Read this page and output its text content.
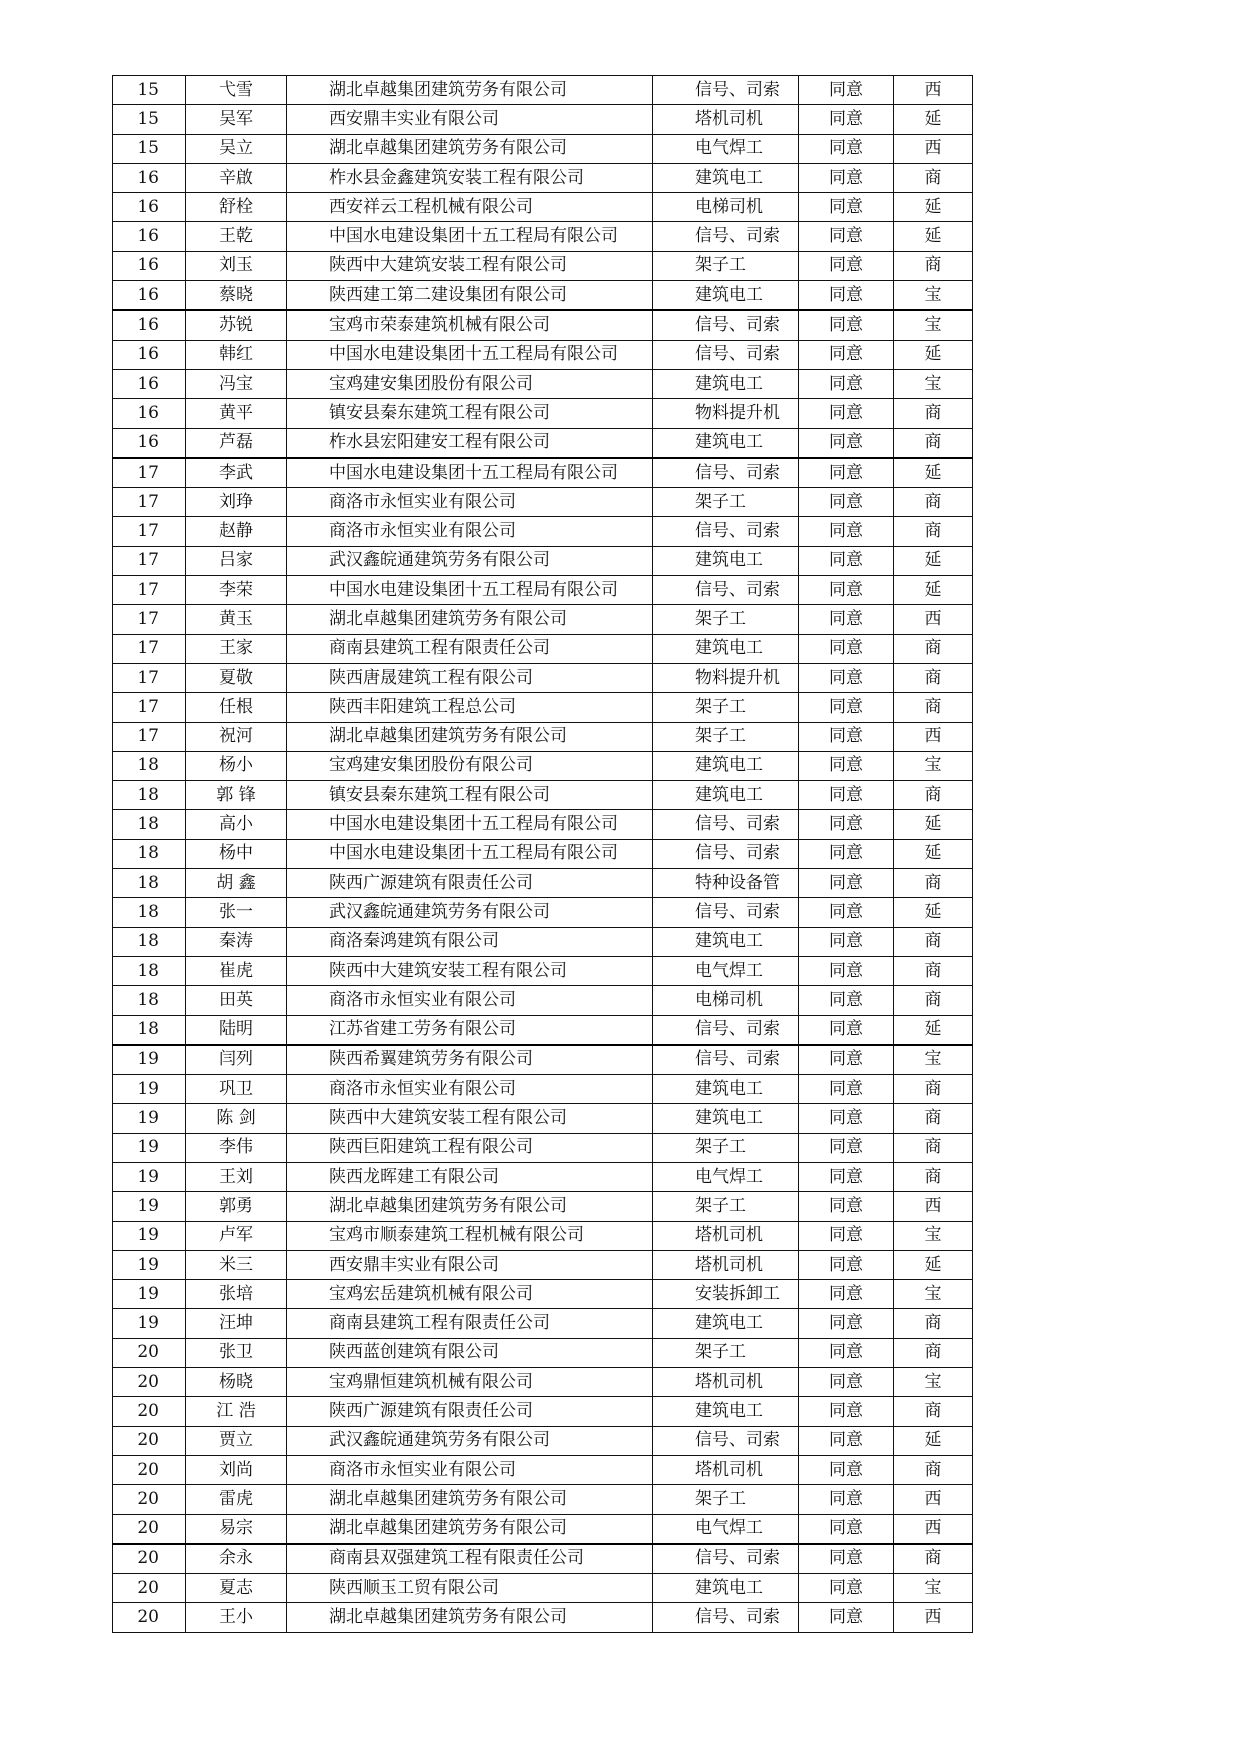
15	弋雪	湖北卓越集团建筑劳务有限公司	信号、司索	同意	西
15	吴军	西安鼎丰实业有限公司	塔机司机	同意	延
15	吴立	湖北卓越集团建筑劳务有限公司	电气焊工	同意	西
16	辛啟	柞水县金鑫建筑安装工程有限公司	建筑电工	同意	商
16	舒栓	西安祥云工程机械有限公司	电梯司机	同意	延
16	王乾	中国水电建设集团十五工程局有限公司	信号、司索	同意	延
16	刘玉	陕西中大建筑安装工程有限公司	架子工	同意	商
16	蔡晓	陕西建工第二建设集团有限公司	建筑电工	同意	宝
16	苏锐	宝鸡市荣泰建筑机械有限公司	信号、司索	同意	宝
16	韩红	中国水电建设集团十五工程局有限公司	信号、司索	同意	延
16	冯宝	宝鸡建安集团股份有限公司	建筑电工	同意	宝
16	黄平	镇安县秦东建筑工程有限公司	物料提升机	同意	商
16	芦磊	柞水县宏阳建安工程有限公司	建筑电工	同意	商
17	李武	中国水电建设集团十五工程局有限公司	信号、司索	同意	延
17	刘琤	商洛市永恒实业有限公司	架子工	同意	商
17	赵静	商洛市永恒实业有限公司	信号、司索	同意	商
17	吕家	武汉鑫皖通建筑劳务有限公司	建筑电工	同意	延
17	李荣	中国水电建设集团十五工程局有限公司	信号、司索	同意	延
17	黄玉	湖北卓越集团建筑劳务有限公司	架子工	同意	西
17	王家	商南县建筑工程有限责任公司	建筑电工	同意	商
17	夏敬	陕西唐晟建筑工程有限公司	物料提升机	同意	商
17	任根	陕西丰阳建筑工程总公司	架子工	同意	商
17	祝河	湖北卓越集团建筑劳务有限公司	架子工	同意	西
18	杨小	宝鸡建安集团股份有限公司	建筑电工	同意	宝
18	郭 锋	镇安县秦东建筑工程有限公司	建筑电工	同意	商
18	高小	中国水电建设集团十五工程局有限公司	信号、司索	同意	延
18	杨中	中国水电建设集团十五工程局有限公司	信号、司索	同意	延
18	胡 鑫	陕西广源建筑有限责任公司	特种设备管	同意	商
18	张一	武汉鑫皖通建筑劳务有限公司	信号、司索	同意	延
18	秦涛	商洛秦鸿建筑有限公司	建筑电工	同意	商
18	崔虎	陕西中大建筑安装工程有限公司	电气焊工	同意	商
18	田英	商洛市永恒实业有限公司	电梯司机	同意	商
18	陆明	江苏省建工劳务有限公司	信号、司索	同意	延
19	闫列	陕西希翼建筑劳务有限公司	信号、司索	同意	宝
19	巩卫	商洛市永恒实业有限公司	建筑电工	同意	商
19	陈 剑	陕西中大建筑安装工程有限公司	建筑电工	同意	商
19	李伟	陕西巨阳建筑工程有限公司	架子工	同意	商
19	王刘	陕西龙晖建工有限公司	电气焊工	同意	商
19	郭勇	湖北卓越集团建筑劳务有限公司	架子工	同意	西
19	卢军	宝鸡市顺泰建筑工程机械有限公司	塔机司机	同意	宝
19	米三	西安鼎丰实业有限公司	塔机司机	同意	延
19	张培	宝鸡宏岳建筑机械有限公司	安装拆卸工	同意	宝
19	汪坤	商南县建筑工程有限责任公司	建筑电工	同意	商
20	张卫	陕西蓝创建筑有限公司	架子工	同意	商
20	杨晓	宝鸡鼎恒建筑机械有限公司	塔机司机	同意	宝
20	江 浩	陕西广源建筑有限责任公司	建筑电工	同意	商
20	贾立	武汉鑫皖通建筑劳务有限公司	信号、司索	同意	延
20	刘尚	商洛市永恒实业有限公司	塔机司机	同意	商
20	雷虎	湖北卓越集团建筑劳务有限公司	架子工	同意	西
20	易宗	湖北卓越集团建筑劳务有限公司	电气焊工	同意	西
20	余永	商南县双强建筑工程有限责任公司	信号、司索	同意	商
20	夏志	陕西顺玉工贸有限公司	建筑电工	同意	宝
20	王小	湖北卓越集团建筑劳务有限公司	信号、司索	同意	西
